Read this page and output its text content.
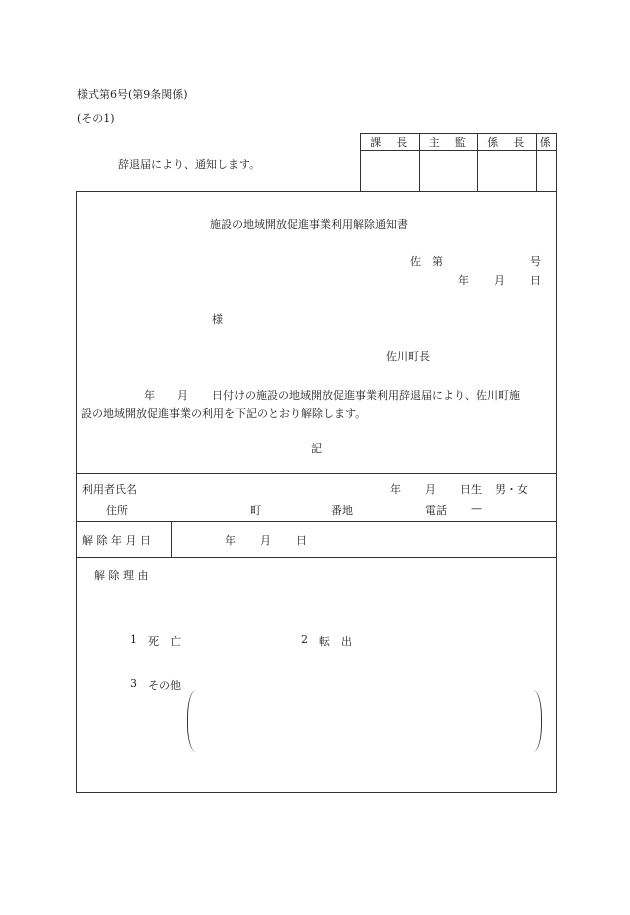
様式第6号(第9条関係)
(その1)
辞退届により、通知します。
課　長	主　監	係　長	係

施設の地域開放促進事業利用解除通知書
佐　第	号
年 月 日
様
佐川町長
年 月 日付けの施設の地域開放促進事業利用辞退届により、佐川町施
設の地域開放促進事業の利用を下記のとおり解除します。
記
利用者氏名	年 月 日生 男・女
住所	町	番地	電話 —
解 除 年 月 日	年 月 日
解 除 理 由
1 死　亡	2 転　出
3 その他
